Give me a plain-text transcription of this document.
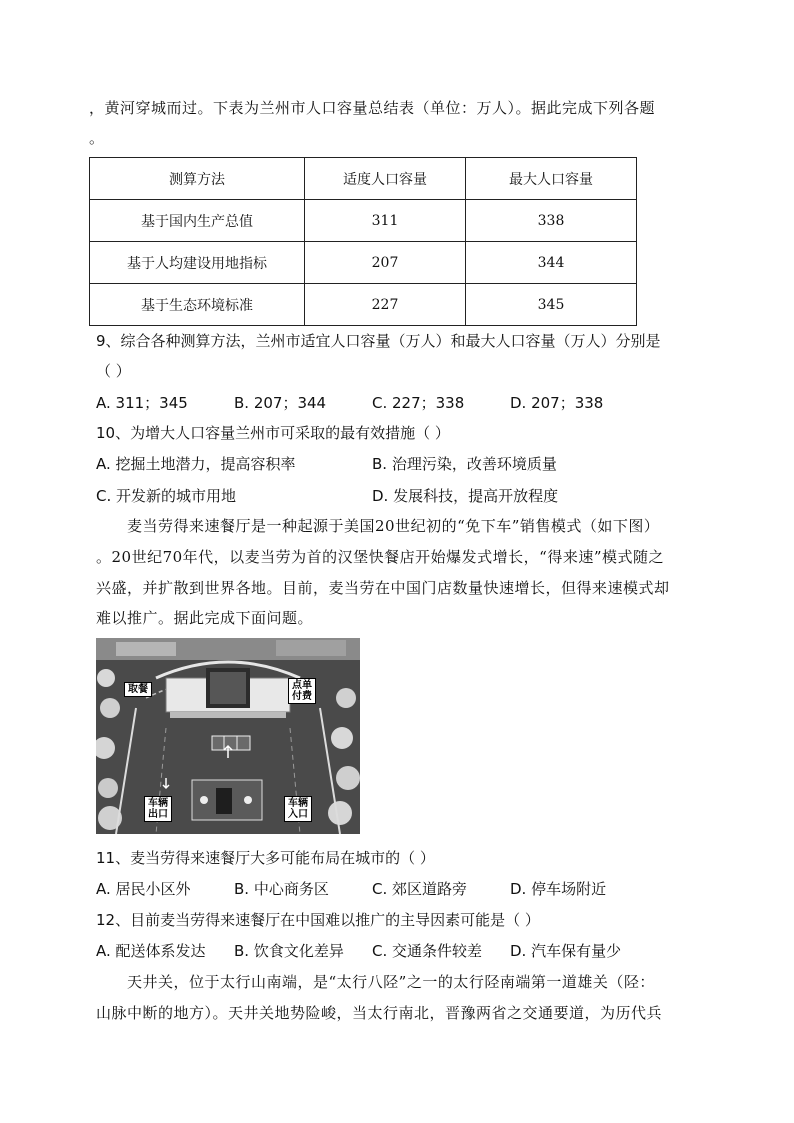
，黄河穿城而过。下表为兰州市人口容量总结表（单位：万人）。据此完成下列各题
。
测算方法	适度人口容量	最大人口容量
基于国内生产总值	311	338
基于人均建设用地指标	207	344
基于生态环境标准	227	345
9、综合各种测算方法，兰州市适宜人口容量（万人）和最大人口容量（万人）分别是
（ ）
A. 311；345	B. 207；344	C. 227；338	D. 207；338
10、为增大人口容量兰州市可采取的最有效措施（ ）
A. 挖掘土地潜力，提高容积率	B. 治理污染，改善环境质量
C. 开发新的城市用地	D. 发展科技，提高开放程度
麦当劳得来速餐厅是一种起源于美国20世纪初的“免下车”销售模式（如下图）
。20世纪70年代，以麦当劳为首的汉堡快餐店开始爆发式增长，“得来速”模式随之
兴盛，并扩散到世界各地。目前，麦当劳在中国门店数量快速增长，但得来速模式却
难以推广。据此完成下面问题。
取餐	点单
付费
车辆
出口
车辆
入口
11、麦当劳得来速餐厅大多可能布局在城市的（ ）
A. 居民小区外	B. 中心商务区	C. 郊区道路旁	D. 停车场附近
12、目前麦当劳得来速餐厅在中国难以推广的主导因素可能是（ ）
A. 配送体系发达 B. 饮食文化差异 C. 交通条件较差 D. 汽车保有量少
天井关，位于太行山南端，是“太行八陉”之一的太行陉南端第一道雄关（陉：
山脉中断的地方）。天井关地势险峻，当太行南北，晋豫两省之交通要道，为历代兵
